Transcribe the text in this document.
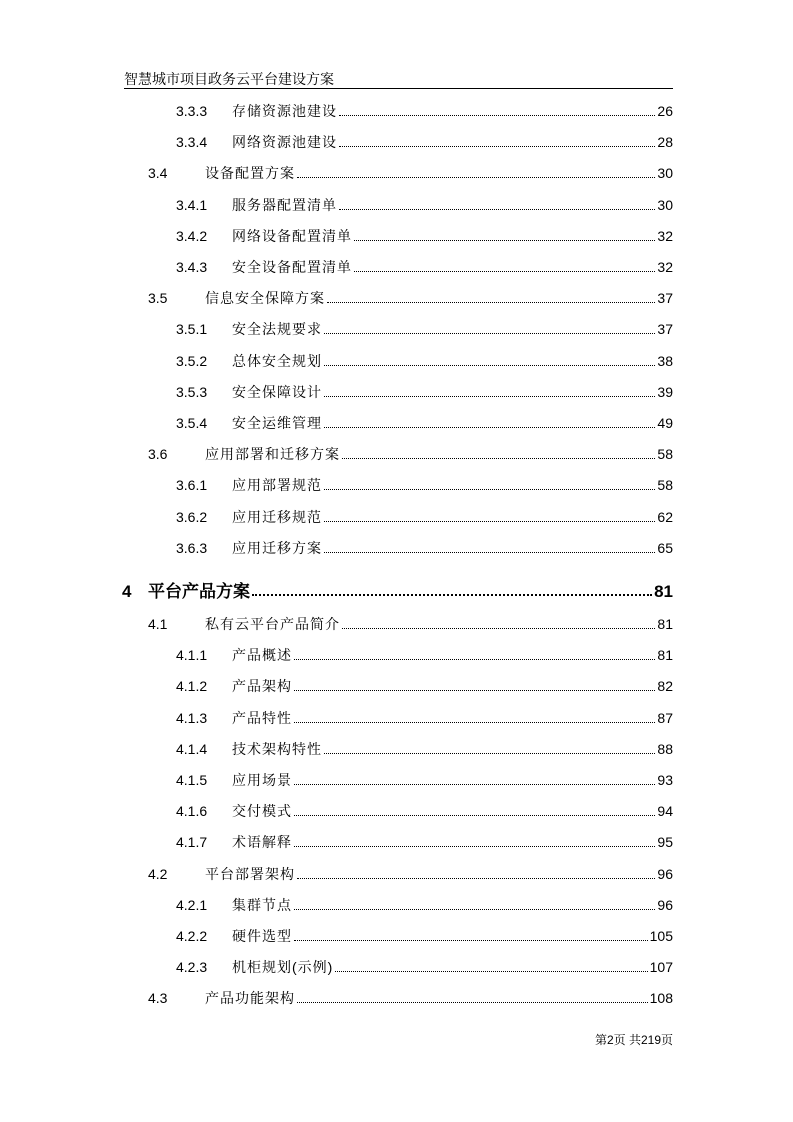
智慧城市项目政务云平台建设方案
3.3.3	存储资源池建设	26
3.3.4	网络资源池建设	28
3.4	设备配置方案	30
3.4.1	服务器配置清单	30
3.4.2	网络设备配置清单	32
3.4.3	安全设备配置清单	32
3.5	信息安全保障方案	37
3.5.1	安全法规要求	37
3.5.2	总体安全规划	38
3.5.3	安全保障设计	39
3.5.4	安全运维管理	49
3.6	应用部署和迁移方案	58
3.6.1	应用部署规范	58
3.6.2	应用迁移规范	62
3.6.3	应用迁移方案	65
4 平台产品方案	81
4.1	私有云平台产品简介	81
4.1.1	产品概述	81
4.1.2	产品架构	82
4.1.3	产品特性	87
4.1.4	技术架构特性	88
4.1.5	应用场景	93
4.1.6	交付模式	94
4.1.7	术语解释	95
4.2	平台部署架构	96
4.2.1	集群节点	96
4.2.2	硬件选型	105
4.2.3	机柜规划(示例)	107
4.3	产品功能架构	108
第2页 共219页
